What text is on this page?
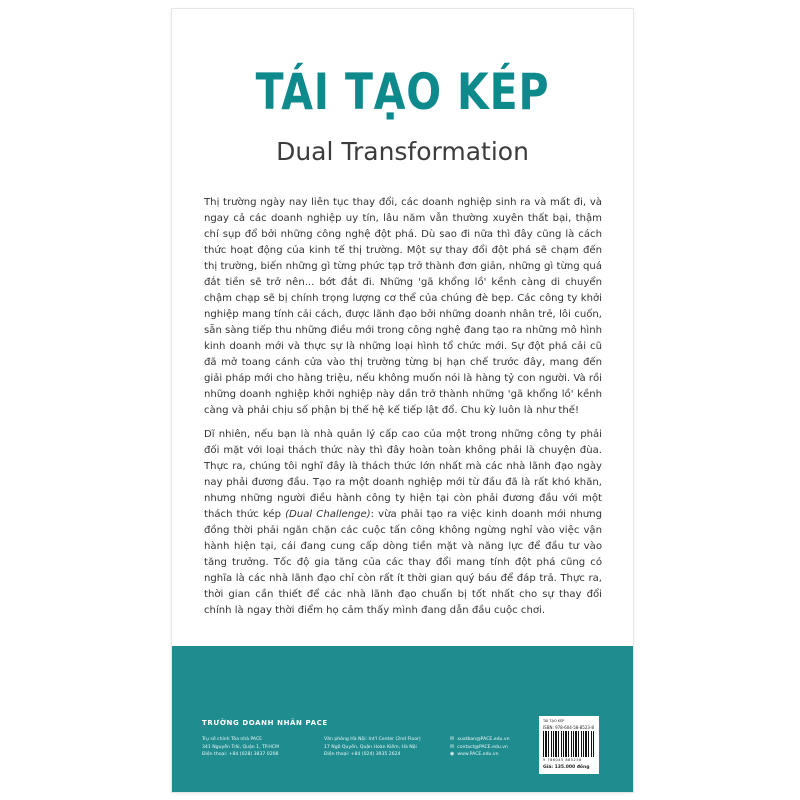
TÁI TẠO KÉP
Dual Transformation

Thị trường ngày nay liên tục thay đổi, các doanh nghiệp sinh ra và mất đi, và ngay cả các doanh nghiệp uy tín, lâu năm vẫn thường xuyên thất bại, thậm chí sụp đổ bởi những công nghệ đột phá. Dù sao đi nữa thì đây cũng là cách thức hoạt động của kinh tế thị trường. Một sự thay đổi đột phá sẽ chạm đến thị trường, biến những gì từng phức tạp trở thành đơn giản, những gì từng quá đắt tiền sẽ trở nên... bớt đắt đi. Những 'gã khổng lồ' kềnh càng di chuyển chậm chạp sẽ bị chính trọng lượng cơ thể của chúng đè bẹp. Các công ty khởi nghiệp mang tính cải cách, được lãnh đạo bởi những doanh nhân trẻ, lôi cuốn, sẵn sàng tiếp thu những điều mới trong công nghệ đang tạo ra những mô hình kinh doanh mới và thực sự là những loại hình tổ chức mới. Sự đột phá cải cũ đã mở toang cánh cửa vào thị trường từng bị hạn chế trước đây, mang đến giải pháp mới cho hàng triệu, nếu không muốn nói là hàng tỷ con người. Và rồi những doanh nghiệp khởi nghiệp này dần trở thành những 'gã khổng lồ' kềnh càng và phải chịu số phận bị thế hệ kế tiếp lật đổ. Chu kỳ luôn là như thế!

Dĩ nhiên, nếu bạn là nhà quản lý cấp cao của một trong những công ty phải đối mặt với loại thách thức này thì đây hoàn toàn không phải là chuyện đùa. Thực ra, chúng tôi nghĩ đây là thách thức lớn nhất mà các nhà lãnh đạo ngày nay phải đương đầu. Tạo ra một doanh nghiệp mới từ đầu đã là rất khó khăn, nhưng những người điều hành công ty hiện tại còn phải đương đầu với một thách thức kép (Dual Challenge): vừa phải tạo ra việc kinh doanh mới nhưng đồng thời phải ngăn chặn các cuộc tấn công không ngừng nghỉ vào việc vận hành hiện tại, cái đang cung cấp dòng tiền mặt và năng lực để đầu tư vào tăng trưởng. Tốc độ gia tăng của các thay đổi mang tính đột phá cũng có nghĩa là các nhà lãnh đạo chỉ còn rất ít thời gian quý báu để đáp trả. Thực ra, thời gian cần thiết để các nhà lãnh đạo chuẩn bị tốt nhất cho sự thay đổi chính là ngay thời điểm họ cảm thấy mình đang dẫn đầu cuộc chơi.

TRƯỜNG DOANH NHÂN PACE
Trụ sở chính Tòa nhà PACE
341 Nguyễn Trãi, Quận 1, TP.HCM
Điện thoại: +84 (028) 3837 0208
Văn phòng Hà Nội: Int'l Center (2nd Floor)
17 Ngô Quyền, Quận Hoàn Kiếm, Hà Nội
Điện thoại: +84 (024) 3935 2624
✉ xuatban@PACE.edu.vn
✉ contact@PACE.edu.vn
◉ www.PACE.edu.vn
TÁI TẠO KÉP
ISBN: 978-604-58-8523-8
9 786045 885238
Giá: 135.000 đồng
